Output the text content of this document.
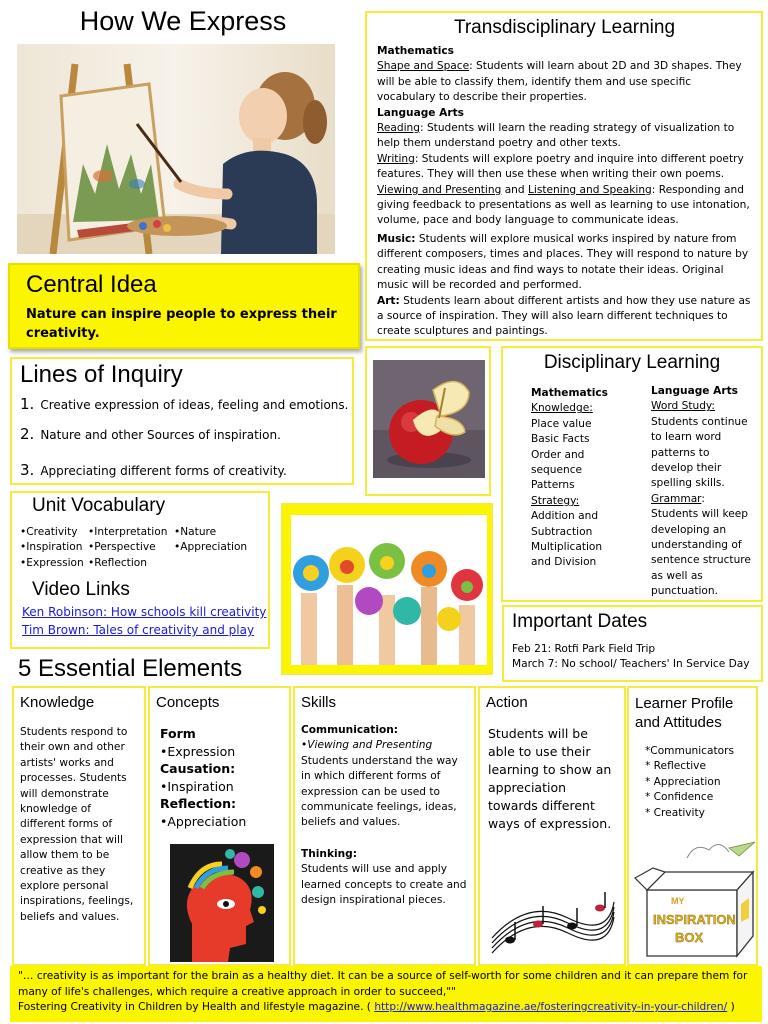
How We Express	Transdisciplinary Learning
Mathematics
Shape and Space: Students will learn about 2D and 3D shapes. They will be able to classify them, identify them and use specific vocabulary to describe their properties.
Language Arts
Reading: Students will learn the reading strategy of visualization to help them understand poetry and other texts.
Writing: Students will explore poetry and inquire into different poetry features. They will then use these when writing their own poems.
Viewing and Presenting and Listening and Speaking: Responding and giving feedback to presentations as well as learning to use intonation, volume, pace and body language to communicate ideas.
Music: Students will explore musical works inspired by nature from different composers, times and places. They will respond to nature by creating music ideas and find ways to notate their ideas. Original music will be recorded and performed.
Art: Students learn about different artists and how they use nature as a source of inspiration. They will also learn different techniques to create sculptures and paintings.
Central Idea
Nature can inspire people to express their creativity.
Lines of Inquiry
1. Creative expression of ideas, feeling and emotions.
2. Nature and other Sources of inspiration.
3. Appreciating different forms of creativity.
Unit Vocabulary
•Creativity
•Inspiration
•Expression
•Interpretation
•Perspective
•Reflection
•Nature
•Appreciation
Video Links
Ken Robinson: How schools kill creativity
Tim Brown: Tales of creativity and play
Disciplinary Learning
Mathematics
Knowledge:
Place value
Basic Facts
Order and
sequence
Patterns
Strategy:
Addition and
Subtraction
Multiplication
and Division
Language Arts
Word Study:
Students continue
to learn word
patterns to
develop their
spelling skills.
Grammar:
Students will keep
developing an
understanding of
sentence structure
as well as
punctuation.
Important Dates
Feb 21: Rotfi Park Field Trip
March 7: No school/ Teachers' In Service Day
5 Essential Elements
Knowledge
Students respond to their own and other artists' works and processes. Students will demonstrate knowledge of different forms of expression that will allow them to be creative as they explore personal inspirations, feelings, beliefs and values.
Concepts
Form
•Expression
Causation:
•Inspiration
Reflection:
•Appreciation
Skills
Communication:
•Viewing and Presenting
Students understand the way in which different forms of expression can be used to communicate feelings, ideas, beliefs and values.
Thinking:
Students will use and apply learned concepts to create and design inspirational pieces.
Action
Students will be able to use their learning to show an appreciation towards different ways of expression.
Learner Profile and Attitudes
*Communicators
* Reflective
* Appreciation
* Confidence
* Creativity
MY
INSPIRATION
BOX
"… creativity is as important for the brain as a healthy diet. It can be a source of self-worth for some children and it can prepare them for many of life's challenges, which require a creative approach in order to succeed,""
Fostering Creativity in Children by Health and lifestyle magazine. ( http://www.healthmagazine.ae/fosteringcreativity-in-your-children/ )
